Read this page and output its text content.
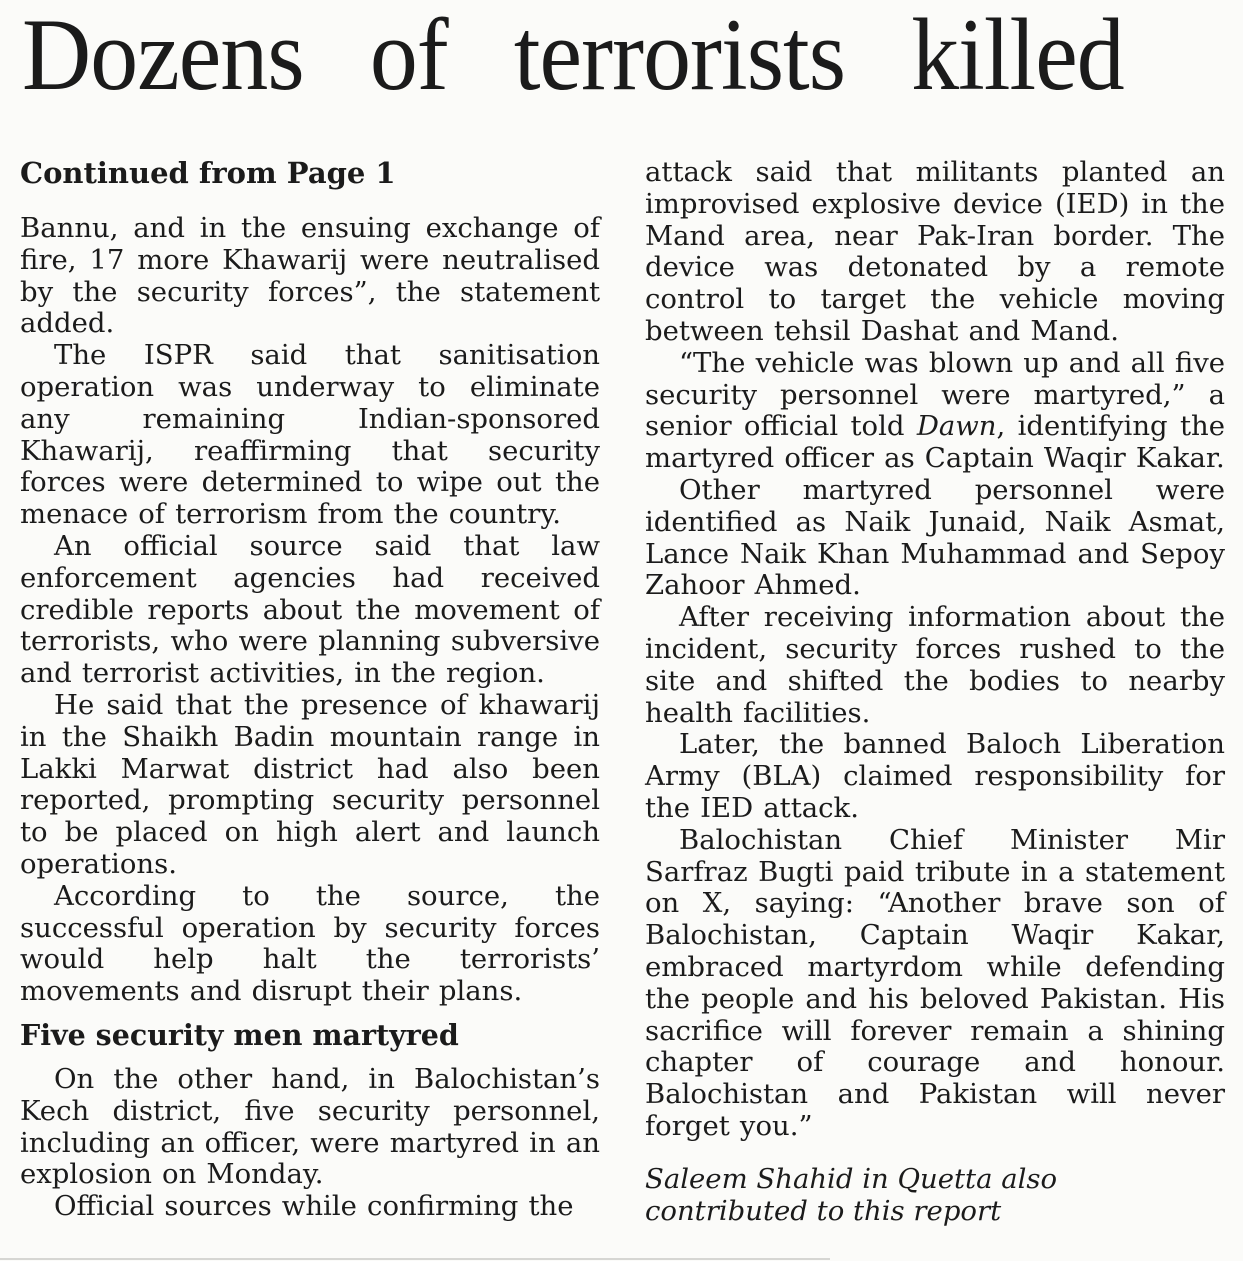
Dozens of terrorists killed

Continued from Page 1

Bannu, and in the ensuing exchange of fire, 17 more Khawarij were neutralised by the security forces”, the statement added.

The ISPR said that sanitisation operation was underway to eliminate any remaining Indian-sponsored Khawarij, reaffirming that security forces were determined to wipe out the menace of terrorism from the country.

An official source said that law enforcement agencies had received credible reports about the movement of terrorists, who were planning subversive and terrorist activities, in the region.

He said that the presence of khawarij in the Shaikh Badin mountain range in Lakki Marwat district had also been reported, prompting security personnel to be placed on high alert and launch operations.

According to the source, the successful operation by security forces would help halt the terrorists’ movements and disrupt their plans.

Five security men martyred

On the other hand, in Balochistan’s Kech district, five security personnel, including an officer, were martyred in an explosion on Monday.

Official sources while confirming the

attack said that militants planted an improvised explosive device (IED) in the Mand area, near Pak-Iran border. The device was detonated by a remote control to target the vehicle moving between tehsil Dashat and Mand.

“The vehicle was blown up and all five security personnel were martyred,” a senior official told Dawn, identifying the martyred officer as Captain Waqir Kakar.

Other martyred personnel were identified as Naik Junaid, Naik Asmat, Lance Naik Khan Muhammad and Sepoy Zahoor Ahmed.

After receiving information about the incident, security forces rushed to the site and shifted the bodies to nearby health facilities.

Later, the banned Baloch Liberation Army (BLA) claimed responsibility for the IED attack.

Balochistan Chief Minister Mir Sarfraz Bugti paid tribute in a statement on X, saying: “Another brave son of Balochistan, Captain Waqir Kakar, embraced martyrdom while defending the people and his beloved Pakistan. His sacrifice will forever remain a shining chapter of courage and honour. Balochistan and Pakistan will never forget you.”

Saleem Shahid in Quetta also contributed to this report
